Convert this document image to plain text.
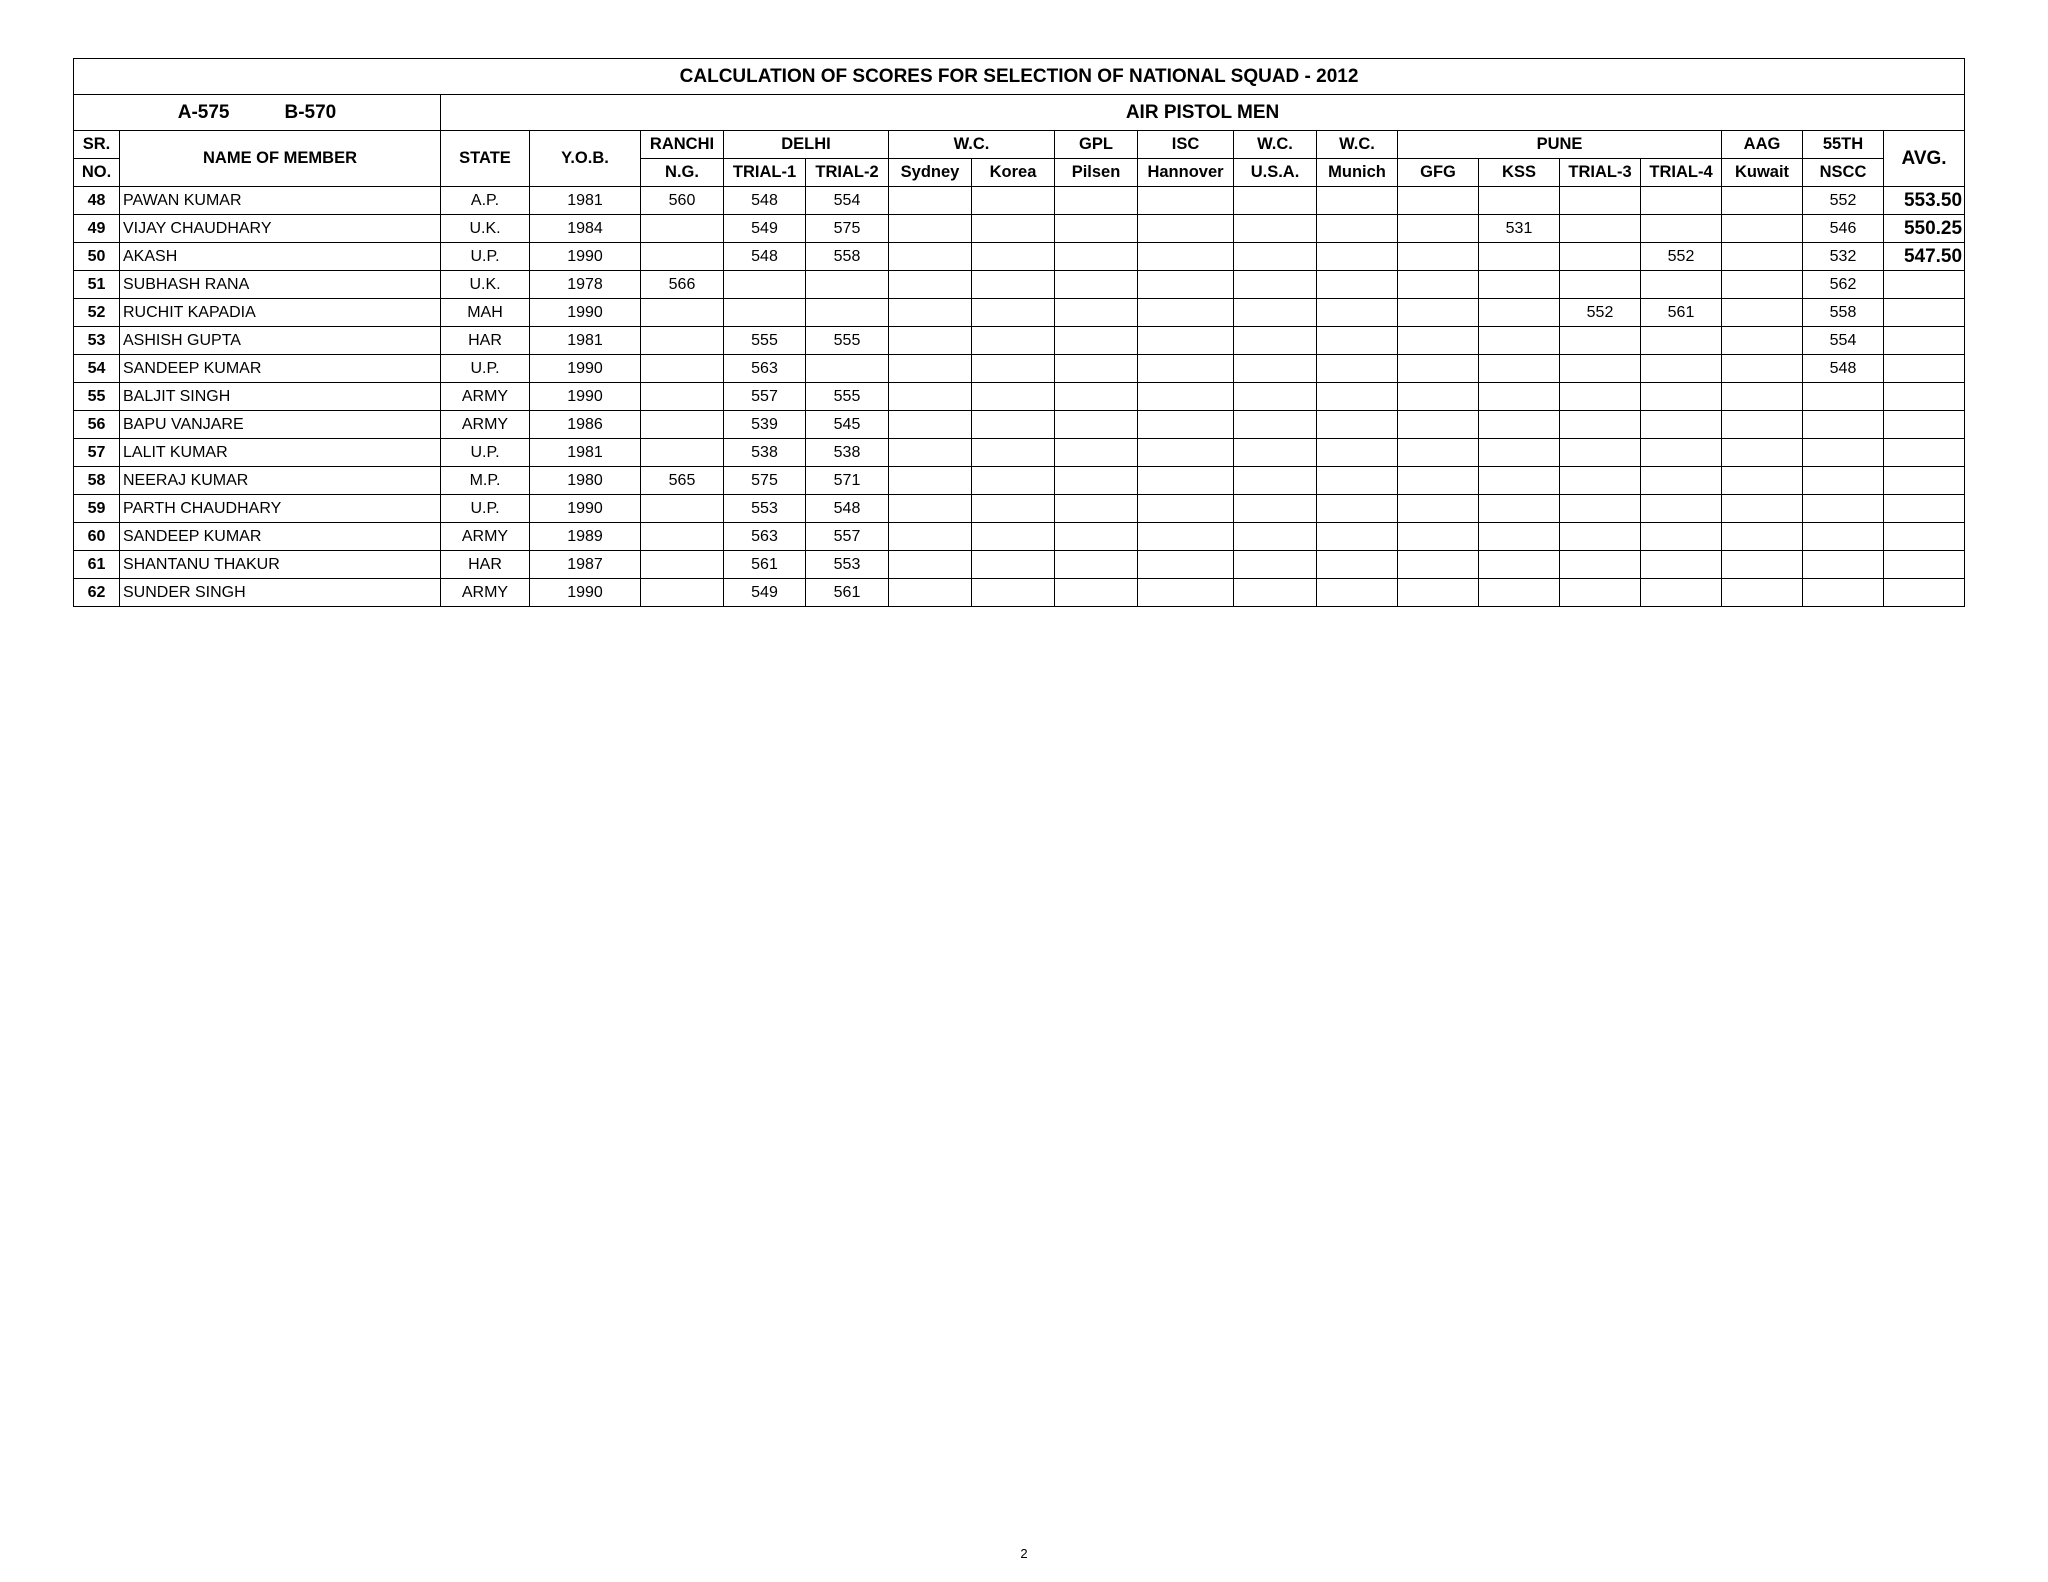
CALCULATION OF SCORES FOR SELECTION OF NATIONAL SQUAD - 2012																			
A-575 B-570		AIR PISTOL MEN																	
SR.	NAME OF MEMBER	STATE	Y.O.B.	RANCHI	DELHI		W.C.		GPL	ISC	W.C.	W.C.	PUNE				AAG	55TH	AVG.
NO.				N.G.	TRIAL-1	TRIAL-2	Sydney	Korea	Pilsen	Hannover	U.S.A.	Munich	GFG	KSS	TRIAL-3	TRIAL-4	Kuwait	NSCC	
48	PAWAN KUMAR	A.P.	1981	560	548	554												552	553.50
49	VIJAY CHAUDHARY	U.K.	1984		549	575								531				546	550.25
50	AKASH	U.P.	1990		548	558										552		532	547.50
51	SUBHASH RANA	U.K.	1978	566														562	
52	RUCHIT KAPADIA	MAH	1990												552	561		558	
53	ASHISH GUPTA	HAR	1981		555	555												554	
54	SANDEEP KUMAR	U.P.	1990		563													548	
55	BALJIT SINGH	ARMY	1990		557	555													
56	BAPU VANJARE	ARMY	1986		539	545													
57	LALIT KUMAR	U.P.	1981		538	538													
58	NEERAJ KUMAR	M.P.	1980	565	575	571													
59	PARTH CHAUDHARY	U.P.	1990		553	548													
60	SANDEEP KUMAR	ARMY	1989		563	557													
61	SHANTANU THAKUR	HAR	1987		561	553													
62	SUNDER SINGH	ARMY	1990		549	561													
2
